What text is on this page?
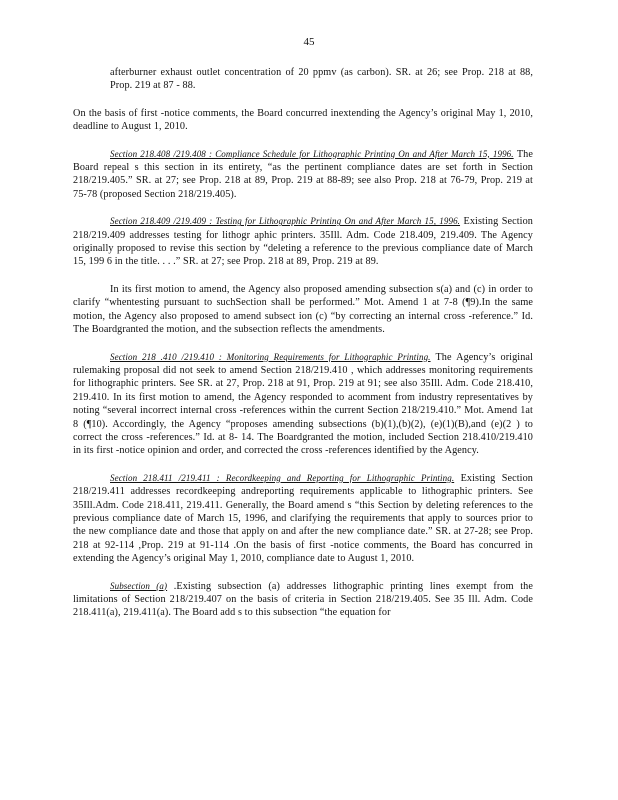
45

afterburner exhaust outlet concentration of 20 ppmv (as carbon). SR. at 26; see Prop. 218 at 88, Prop. 219 at 87 - 88.

On the basis of first -notice comments, the Board concurred inextending the Agency’s original May 1, 2010, deadline to August 1, 2010.

Section 218.408 /219.408 : Compliance Schedule for Lithographic Printing On and After March 15, 1996. The Board repeal s this section in its entirety, “as the pertinent compliance dates are set forth in Section 218/219.405.” SR. at 27; see Prop. 218 at 89, Prop. 219 at 88-89; see also Prop. 218 at 76-79, Prop. 219 at 75-78 (proposed Section 218/219.405).

Section 218.409 /219.409 : Testing for Lithographic Printing On and After March 15, 1996. Existing Section 218/219.409 addresses testing for lithogr aphic printers. 35Ill. Adm. Code 218.409, 219.409. The Agency originally proposed to revise this section by “deleting a reference to the previous compliance date of March 15, 199 6 in the title. . . .” SR. at 27; see Prop. 218 at 89, Prop. 219 at 89.

In its first motion to amend, the Agency also proposed amending subsection s(a) and (c) in order to clarify “whentesting pursuant to suchSection shall be performed.” Mot. Amend 1 at 7-8 (¶9).In the same motion, the Agency also proposed to amend subsect ion (c) “by correcting an internal cross -reference.” Id. The Boardgranted the motion, and the subsection reflects the amendments.

Section 218 .410 /219.410 : Monitoring Requirements for Lithographic Printing. The Agency’s original rulemaking proposal did not seek to amend Section 218/219.410 , which addresses monitoring requirements for lithographic printers. See SR. at 27, Prop. 218 at 91, Prop. 219 at 91; see also 35Ill. Adm. Code 218.410, 219.410. In its first motion to amend, the Agency responded to acomment from industry representatives by noting “several incorrect internal cross -references within the current Section 218/219.410.” Mot. Amend 1at 8 (¶10). Accordingly, the Agency “proposes amending subsections (b)(1),(b)(2), (e)(1)(B),and (e)(2 ) to correct the cross -references.” Id. at 8- 14. The Boardgranted the motion, included Section 218.410/219.410 in its first -notice opinion and order, and corrected the cross -references identified by the Agency.

Section 218.411 /219.411 : Recordkeeping and Reporting for Lithographic Printing. Existing Section 218/219.411 addresses recordkeeping andreporting requirements applicable to lithographic printers. See 35Ill.Adm. Code 218.411, 219.411. Generally, the Board amend s “this Section by deleting references to the previous compliance date of March 15, 1996, and clarifying the requirements that apply to sources prior to the new compliance date and those that apply on and after the new compliance date.” SR. at 27-28; see Prop. 218 at 92-114 ,Prop. 219 at 91-114 .On the basis of first -notice comments, the Board has concurred in extending the Agency’s original May 1, 2010, compliance date to August 1, 2010.

Subsection (a) .Existing subsection (a) addresses lithographic printing lines exempt from the limitations of Section 218/219.407 on the basis of criteria in Section 218/219.405. See 35 Ill. Adm. Code 218.411(a), 219.411(a). The Board add s to this subsection “the equation for
